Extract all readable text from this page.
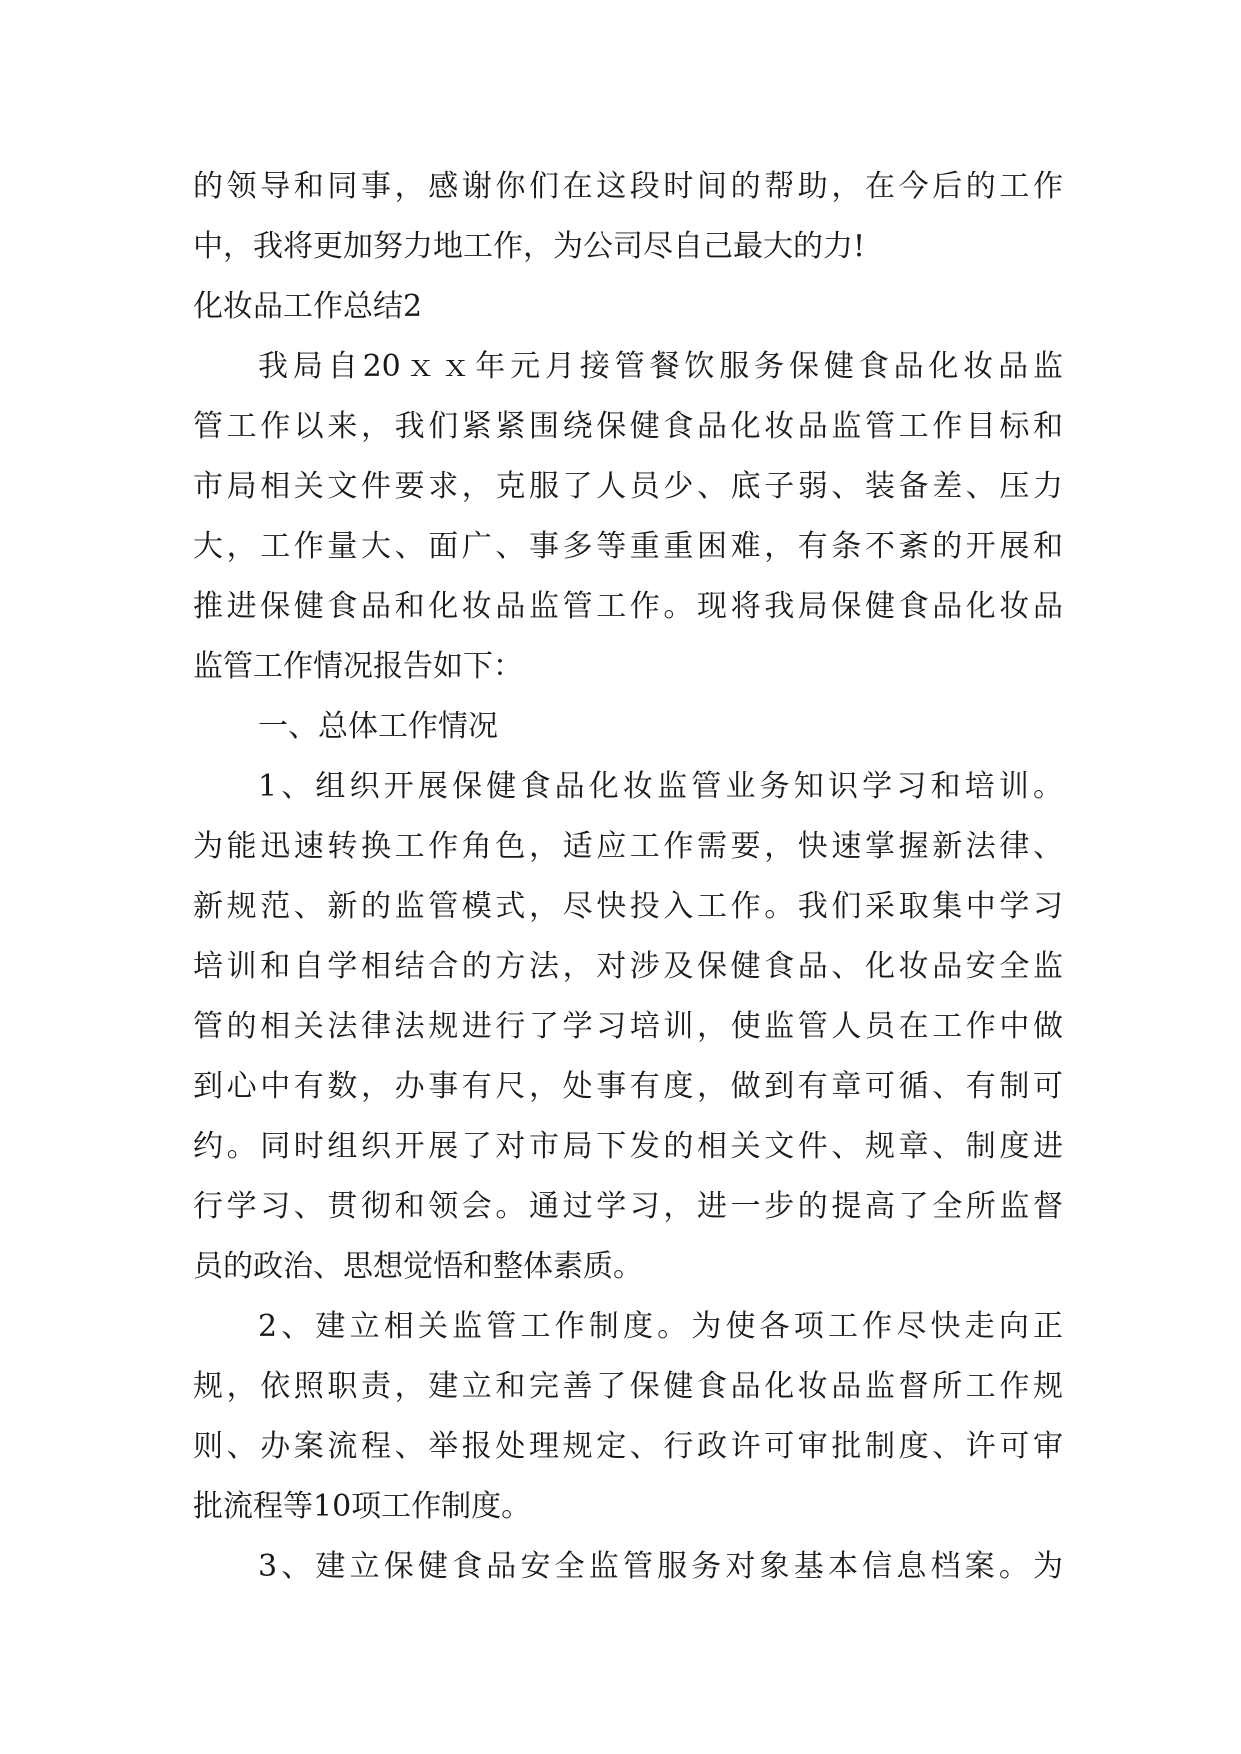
的领导和同事，感谢你们在这段时间的帮助，在今后的工作
中，我将更加努力地工作，为公司尽自己最大的力!
化妆品工作总结2
我局自20ｘｘ年元月接管餐饮服务保健食品化妆品监
管工作以来，我们紧紧围绕保健食品化妆品监管工作目标和
市局相关文件要求，克服了人员少、底子弱、装备差、压力
大，工作量大、面广、事多等重重困难，有条不紊的开展和
推进保健食品和化妆品监管工作。现将我局保健食品化妆品
监管工作情况报告如下：
一、总体工作情况
1、组织开展保健食品化妆监管业务知识学习和培训。
为能迅速转换工作角色，适应工作需要，快速掌握新法律、
新规范、新的监管模式，尽快投入工作。我们采取集中学习
培训和自学相结合的方法，对涉及保健食品、化妆品安全监
管的相关法律法规进行了学习培训，使监管人员在工作中做
到心中有数，办事有尺，处事有度，做到有章可循、有制可
约。同时组织开展了对市局下发的相关文件、规章、制度进
行学习、贯彻和领会。通过学习，进一步的提高了全所监督
员的政治、思想觉悟和整体素质。
2、建立相关监管工作制度。为使各项工作尽快走向正
规，依照职责，建立和完善了保健食品化妆品监督所工作规
则、办案流程、举报处理规定、行政许可审批制度、许可审
批流程等10项工作制度。
3、建立保健食品安全监管服务对象基本信息档案。为
